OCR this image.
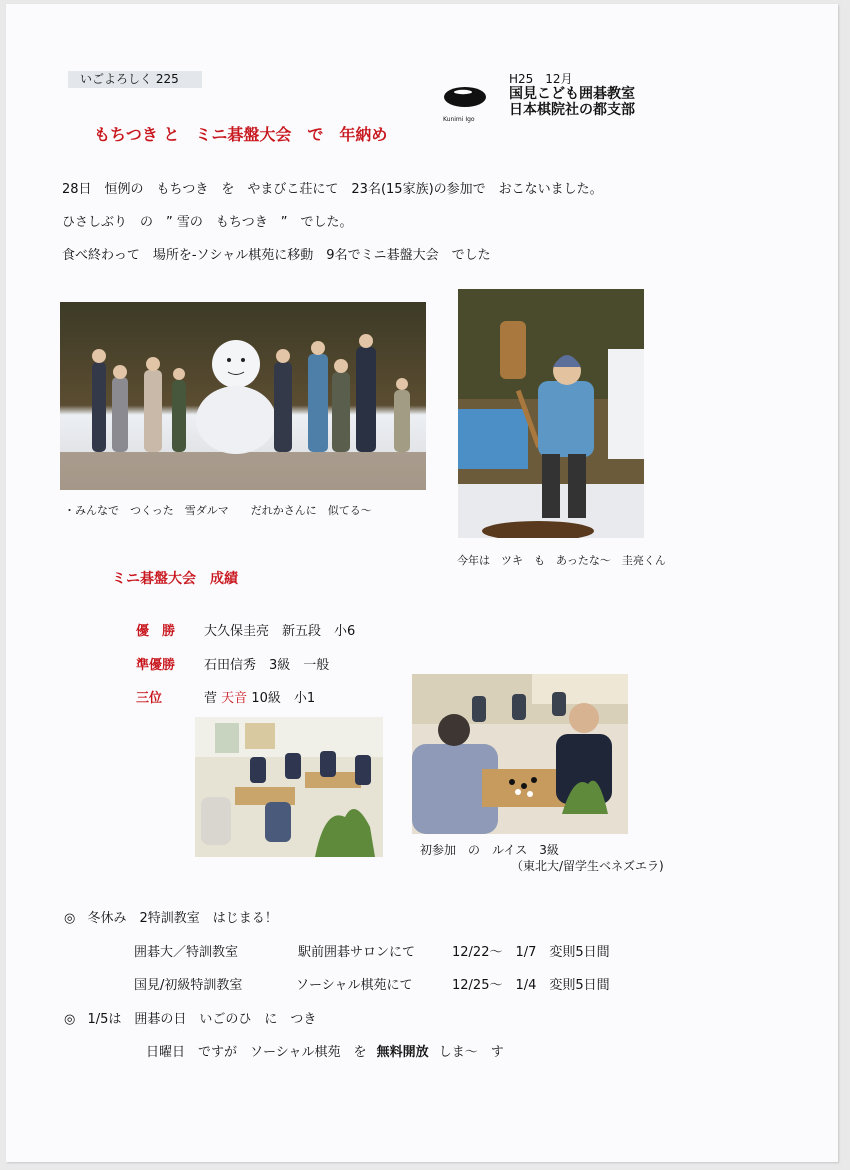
いごよろしく 225
Kunimi Igo
H25　12月
国見こども囲碁教室
日本棋院社の都支部
もちつき と　ミニ碁盤大会　で　年納め
28日　恒例の　もちつき　を　やまびこ荘にて　23名(15家族)の参加で　おこないました。
ひさしぶり　の　” 雪の　もちつき　”　でした。
食べ終わって　場所を-ソシャル棋苑に移動　9名でミニ碁盤大会　でした
・みんなで　つくった　雪ダルマ　　だれかさんに　似てる～
今年は　ツキ　も　あったな～　圭亮くん
ミニ碁盤大会　成績
優　勝 大久保圭亮　新五段　小6
準優勝 石田信秀　3級　一般
三位	菅 天音 10級　小1
初参加　の　ルイス　3級
（東北大/留学生ベネズエラ)
◎ 冬休み　2特訓教室　はじまる！
囲碁大／特訓教室	駅前囲碁サロンにて	12/22～　1/7　変則5日間
国見/初級特訓教室	ソーシャル棋苑にて	12/25～　1/4　変則5日間
◎ 1/5は　囲碁の日　いごのひ　に　つき
日曜日　ですが　ソーシャル棋苑　を 無料開放 しま～　す
